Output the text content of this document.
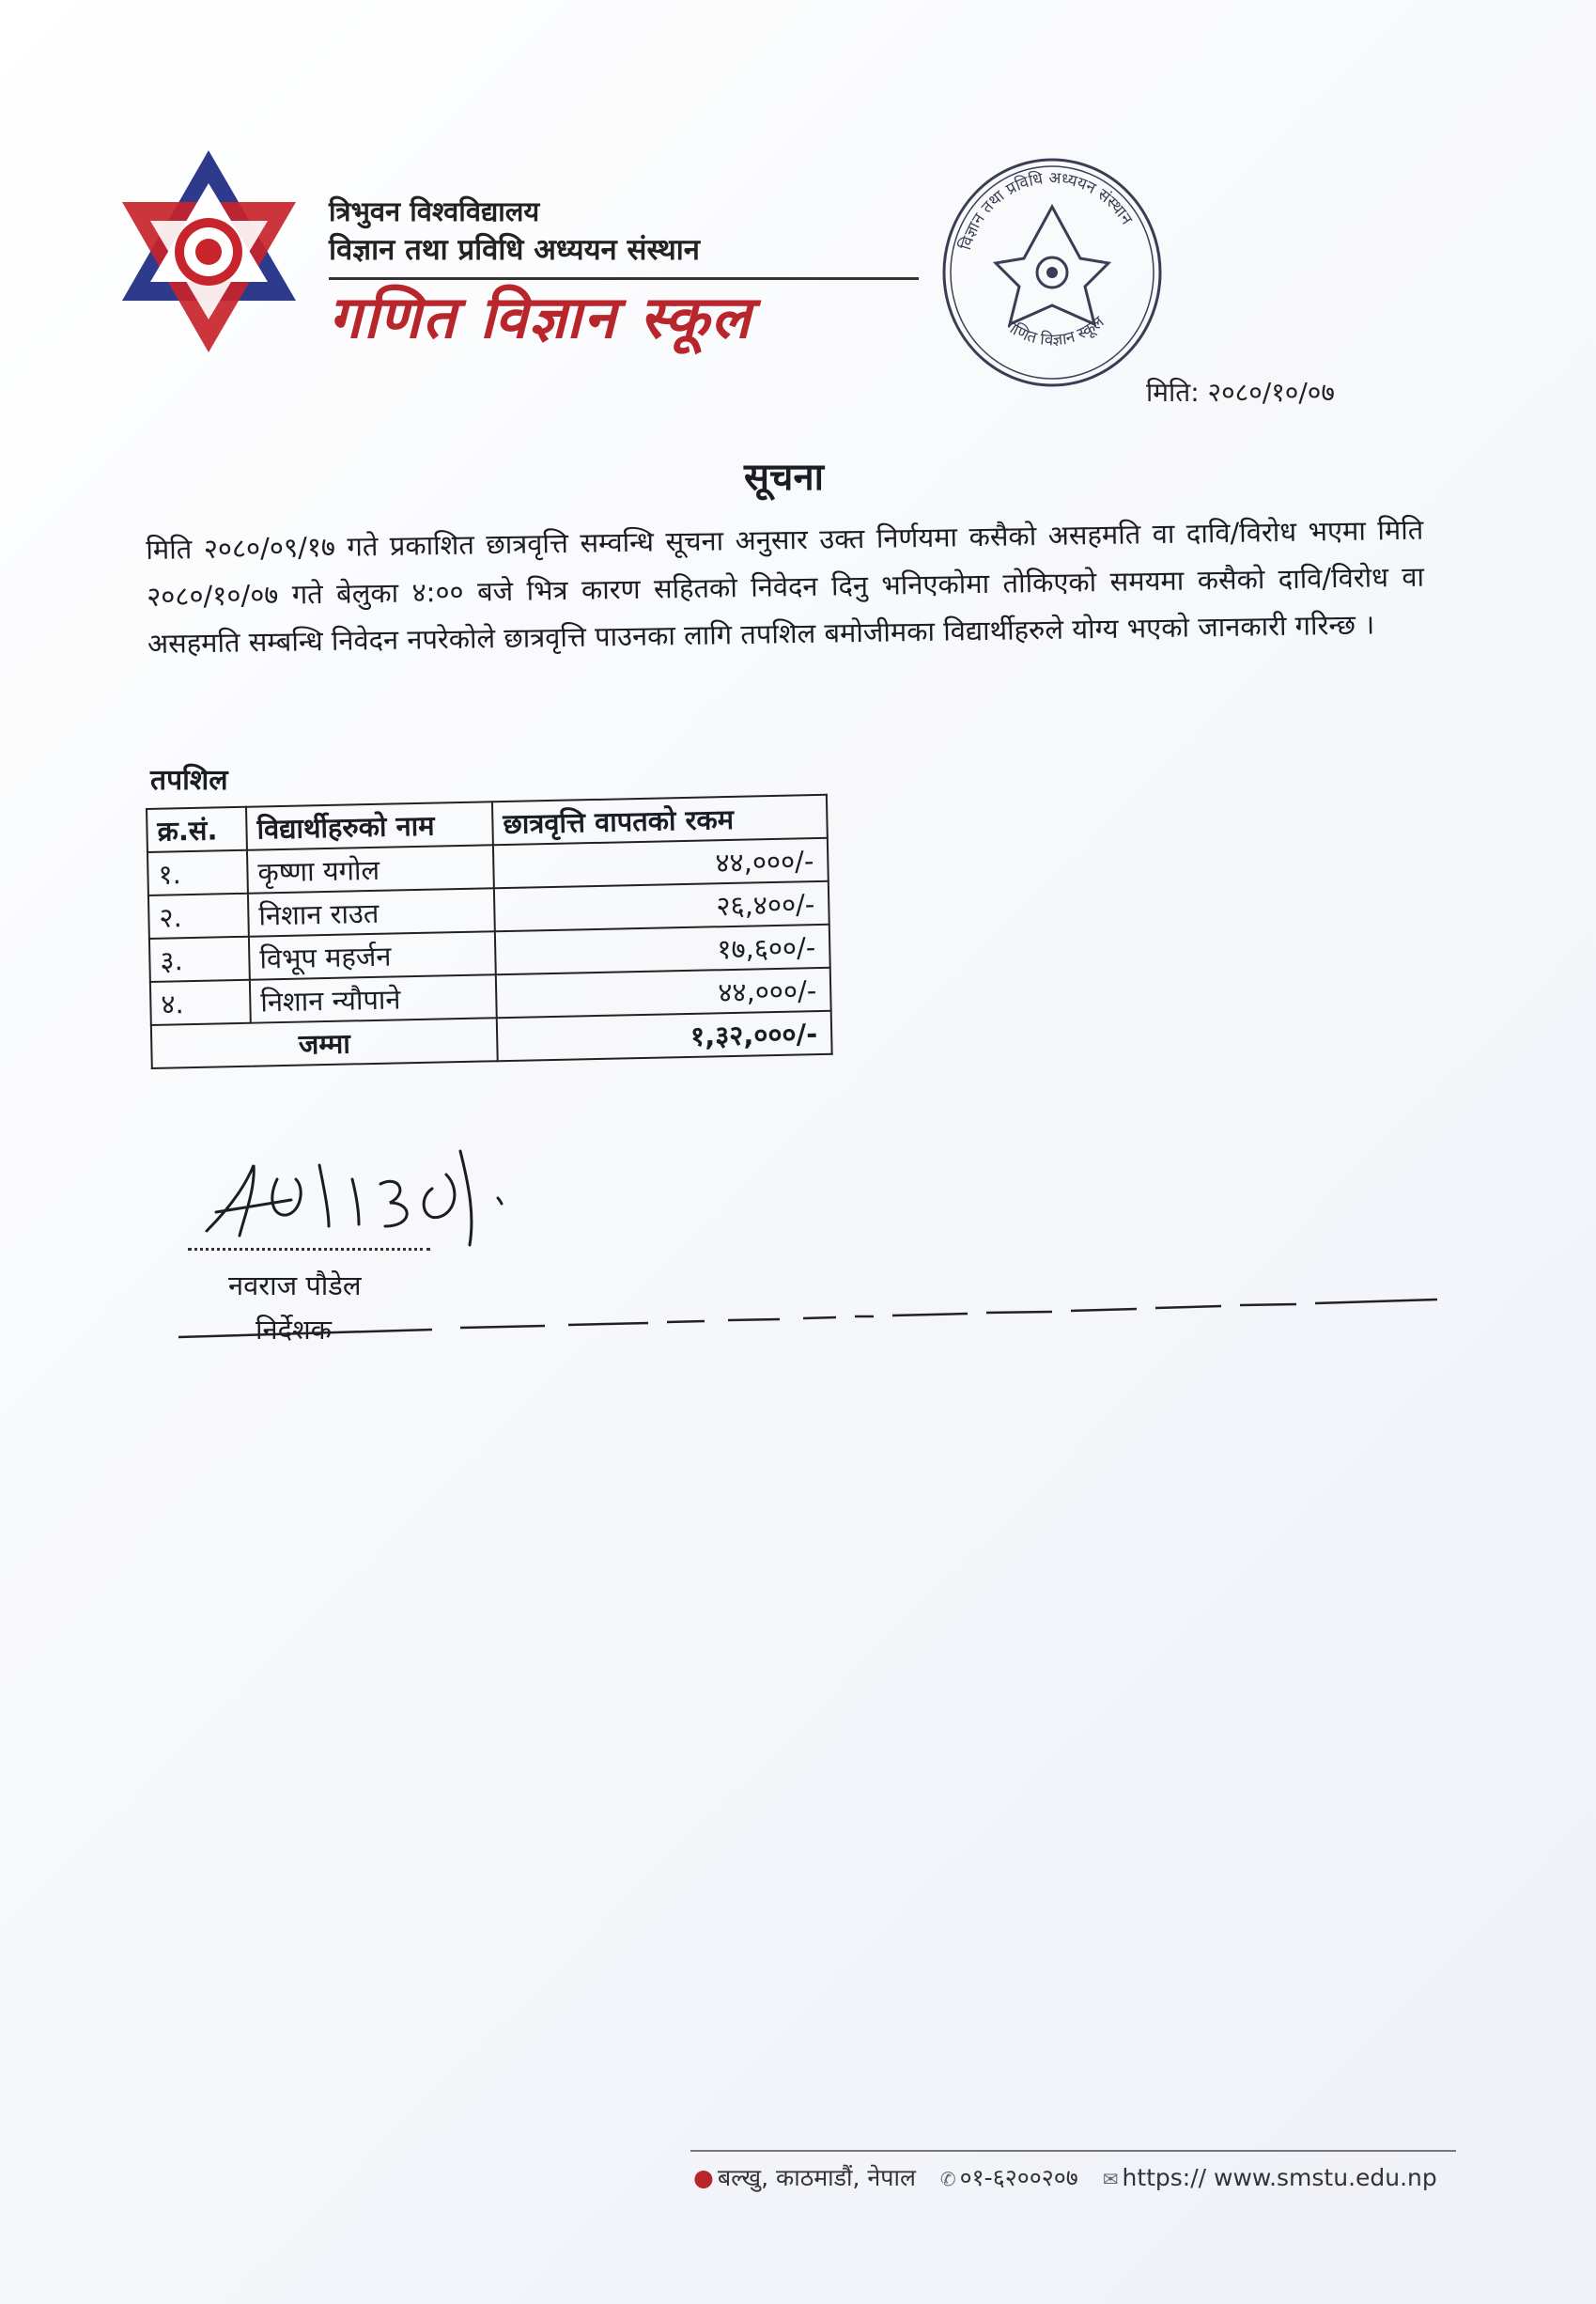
त्रिभुवन विश्वविद्यालय
विज्ञान तथा प्रविधि अध्ययन संस्थान
गणित विज्ञान स्कूल
विज्ञान तथा प्रविधि अध्ययन संस्थान
गणित विज्ञान स्कूल
मिति: २०८०/१०/०७
सूचना
मिति २०८०/०९/१७ गते प्रकाशित छात्रवृत्ति सम्वन्धि सूचना अनुसार उक्त निर्णयमा कसैको असहमति वा दावि/विरोध भएमा मिति २०८०/१०/०७ गते बेलुका ४:०० बजे भित्र कारण सहितको निवेदन दिनु भनिएकोमा तोकिएको समयमा कसैको दावि/विरोध वा असहमति सम्बन्धि निवेदन नपरेकोले छात्रवृत्ति पाउनका लागि तपशिल बमोजीमका विद्यार्थीहरुले योग्य भएको जानकारी गरिन्छ ।
तपशिल
क्र.सं.	विद्यार्थीहरुको नाम	छात्रवृत्ति वापतको रकम
१.	कृष्णा यगोल	४४,०००/-
२.	निशान राउत	२६,४००/-
३.	विभूप महर्जन	१७,६००/-
४.	निशान न्यौपाने	४४,०००/-
जम्मा		१,३२,०००/-
नवराज पौडेल
निर्देशक
● बल्खु, काठमाडौं, नेपाल ✆ ०१-६२००२०७ ✉ https:// www.smstu.edu.np
